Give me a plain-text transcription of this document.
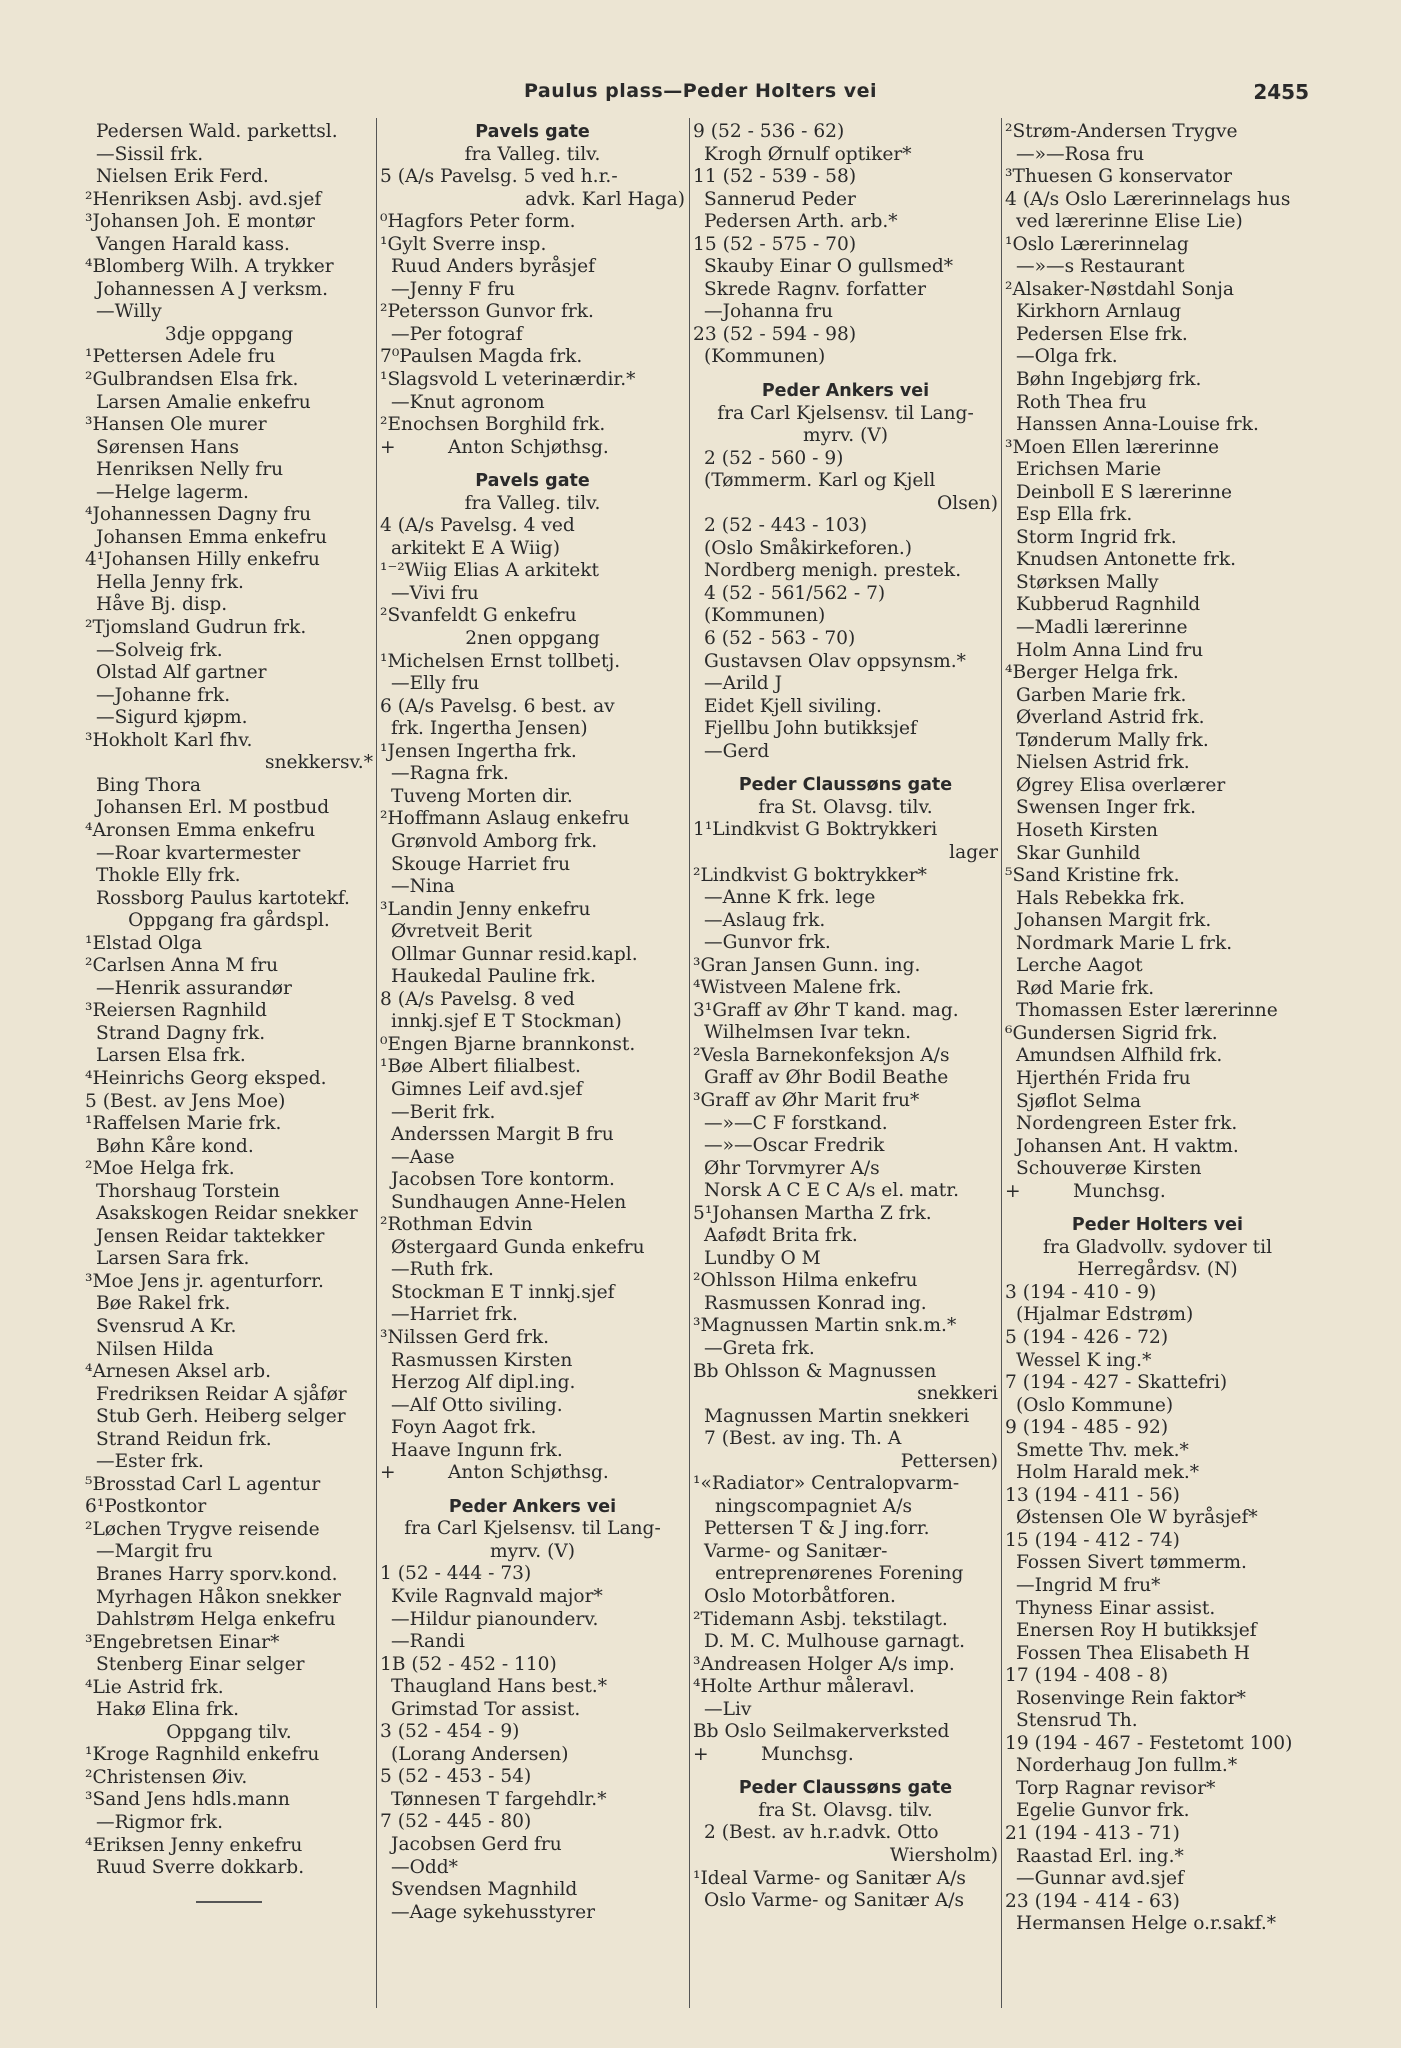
Paulus plass—Peder Holters vei	2455
Pedersen Wald. parkettsl.
—Sissil frk.
Nielsen Erik Ferd.
²Henriksen Asbj. avd.sjef
³Johansen Joh. E montør
Vangen Harald kass.
⁴Blomberg Wilh. A trykker
Johannessen A J verksm.
—Willy
3dje oppgang
¹Pettersen Adele fru
²Gulbrandsen Elsa frk.
Larsen Amalie enkefru
³Hansen Ole murer
Sørensen Hans
Henriksen Nelly fru
—Helge lagerm.
⁴Johannessen Dagny fru
Johansen Emma enkefru
4¹Johansen Hilly enkefru
Hella Jenny frk.
Håve Bj. disp.
²Tjomsland Gudrun frk.
—Solveig frk.
Olstad Alf gartner
—Johanne frk.
—Sigurd kjøpm.
³Hokholt Karl fhv.
snekkersv.*
Bing Thora
Johansen Erl. M postbud
⁴Aronsen Emma enkefru
—Roar kvartermester
Thokle Elly frk.
Rossborg Paulus kartotekf.
Oppgang fra gårdspl.
¹Elstad Olga
²Carlsen Anna M fru
—Henrik assurandør
³Reiersen Ragnhild
Strand Dagny frk.
Larsen Elsa frk.
⁴Heinrichs Georg eksped.
5 (Best. av Jens Moe)
¹Raffelsen Marie frk.
Bøhn Kåre kond.
²Moe Helga frk.
Thorshaug Torstein
Asakskogen Reidar snekker
Jensen Reidar taktekker
Larsen Sara frk.
³Moe Jens jr. agenturforr.
Bøe Rakel frk.
Svensrud A Kr.
Nilsen Hilda
⁴Arnesen Aksel arb.
Fredriksen Reidar A sjåfør
Stub Gerh. Heiberg selger
Strand Reidun frk.
—Ester frk.
⁵Brosstad Carl L agentur
6¹Postkontor
²Løchen Trygve reisende
—Margit fru
Branes Harry sporv.kond.
Myrhagen Håkon snekker
Dahlstrøm Helga enkefru
³Engebretsen Einar*
Stenberg Einar selger
⁴Lie Astrid frk.
Hakø Elina frk.
Oppgang tilv.
¹Kroge Ragnhild enkefru
²Christensen Øiv.
³Sand Jens hdls.mann
—Rigmor frk.
⁴Eriksen Jenny enkefru
Ruud Sverre dokkarb.
Pavels gate
fra Valleg. tilv.
5 (A/s Pavelsg. 5 ved h.r.-
advk. Karl Haga)
⁰Hagfors Peter form.
¹Gylt Sverre insp.
Ruud Anders byråsjef
—Jenny F fru
²Petersson Gunvor frk.
—Per fotograf
7⁰Paulsen Magda frk.
¹Slagsvold L veterinærdir.*
—Knut agronom
²Enochsen Borghild frk.
+	Anton Schjøthsg.
Pavels gate
fra Valleg. tilv.
4 (A/s Pavelsg. 4 ved
arkitekt E A Wiig)
¹⁻²Wiig Elias A arkitekt
—Vivi fru
²Svanfeldt G enkefru
2nen oppgang
¹Michelsen Ernst tollbetj.
—Elly fru
6 (A/s Pavelsg. 6 best. av
frk. Ingertha Jensen)
¹Jensen Ingertha frk.
—Ragna frk.
Tuveng Morten dir.
²Hoffmann Aslaug enkefru
Grønvold Amborg frk.
Skouge Harriet fru
—Nina
³Landin Jenny enkefru
Øvretveit Berit
Ollmar Gunnar resid.kapl.
Haukedal Pauline frk.
8 (A/s Pavelsg. 8 ved
innkj.sjef E T Stockman)
⁰Engen Bjarne brannkonst.
¹Bøe Albert filialbest.
Gimnes Leif avd.sjef
—Berit frk.
Anderssen Margit B fru
—Aase
Jacobsen Tore kontorm.
Sundhaugen Anne-Helen
²Rothman Edvin
Østergaard Gunda enkefru
—Ruth frk.
Stockman E T innkj.sjef
—Harriet frk.
³Nilssen Gerd frk.
Rasmussen Kirsten
Herzog Alf dipl.ing.
—Alf Otto siviling.
Foyn Aagot frk.
Haave Ingunn frk.
+	Anton Schjøthsg.
Peder Ankers vei
fra Carl Kjelsensv. til Lang-
myrv. (V)
1 (52 - 444 - 73)
Kvile Ragnvald major*
—Hildur pianounderv.
—Randi
1B (52 - 452 - 110)
Thaugland Hans best.*
Grimstad Tor assist.
3 (52 - 454 - 9)
(Lorang Andersen)
5 (52 - 453 - 54)
Tønnesen T fargehdlr.*
7 (52 - 445 - 80)
Jacobsen Gerd fru
—Odd*
Svendsen Magnhild
—Aage sykehusstyrer
9 (52 - 536 - 62)
Krogh Ørnulf optiker*
11 (52 - 539 - 58)
Sannerud Peder
Pedersen Arth. arb.*
15 (52 - 575 - 70)
Skauby Einar O gullsmed*
Skrede Ragnv. forfatter
—Johanna fru
23 (52 - 594 - 98)
(Kommunen)
Peder Ankers vei
fra Carl Kjelsensv. til Lang-
myrv. (V)
2 (52 - 560 - 9)
(Tømmerm. Karl og Kjell
Olsen)
2 (52 - 443 - 103)
(Oslo Småkirkeforen.)
Nordberg menigh. prestek.
4 (52 - 561/562 - 7)
(Kommunen)
6 (52 - 563 - 70)
Gustavsen Olav oppsynsm.*
—Arild J
Eidet Kjell siviling.
Fjellbu John butikksjef
—Gerd
Peder Claussøns gate
fra St. Olavsg. tilv.
1¹Lindkvist G Boktrykkeri
lager
²Lindkvist G boktrykker*
—Anne K frk. lege
—Aslaug frk.
—Gunvor frk.
³Gran Jansen Gunn. ing.
⁴Wistveen Malene frk.
3¹Graff av Øhr T kand. mag.
Wilhelmsen Ivar tekn.
²Vesla Barnekonfeksjon A/s
Graff av Øhr Bodil Beathe
³Graff av Øhr Marit fru*
—»—C F forstkand.
—»—Oscar Fredrik
Øhr Torvmyrer A/s
Norsk A C E C A/s el. matr.
5¹Johansen Martha Z frk.
Aafødt Brita frk.
Lundby O M
²Ohlsson Hilma enkefru
Rasmussen Konrad ing.
³Magnussen Martin snk.m.*
—Greta frk.
Bb Ohlsson & Magnussen
snekkeri
Magnussen Martin snekkeri
7 (Best. av ing. Th. A
Pettersen)
¹«Radiator» Centralopvarm-
ningscompagniet A/s
Pettersen T & J ing.forr.
Varme- og Sanitær-
entreprenørenes Forening
Oslo Motorbåtforen.
²Tidemann Asbj. tekstilagt.
D. M. C. Mulhouse garnagt.
³Andreasen Holger A/s imp.
⁴Holte Arthur måleravl.
—Liv
Bb Oslo Seilmakerverksted
+	Munchsg.
Peder Claussøns gate
fra St. Olavsg. tilv.
2 (Best. av h.r.advk. Otto
Wiersholm)
¹Ideal Varme- og Sanitær A/s
Oslo Varme- og Sanitær A/s
²Strøm-Andersen Trygve
—»—Rosa fru
³Thuesen G konservator
4 (A/s Oslo Lærerinnelags hus
ved lærerinne Elise Lie)
¹Oslo Lærerinnelag
—»—s Restaurant
²Alsaker-Nøstdahl Sonja
Kirkhorn Arnlaug
Pedersen Else frk.
—Olga frk.
Bøhn Ingebjørg frk.
Roth Thea fru
Hanssen Anna-Louise frk.
³Moen Ellen lærerinne
Erichsen Marie
Deinboll E S lærerinne
Esp Ella frk.
Storm Ingrid frk.
Knudsen Antonette frk.
Størksen Mally
Kubberud Ragnhild
—Madli lærerinne
Holm Anna Lind fru
⁴Berger Helga frk.
Garben Marie frk.
Øverland Astrid frk.
Tønderum Mally frk.
Nielsen Astrid frk.
Øgrey Elisa overlærer
Swensen Inger frk.
Hoseth Kirsten
Skar Gunhild
⁵Sand Kristine frk.
Hals Rebekka frk.
Johansen Margit frk.
Nordmark Marie L frk.
Lerche Aagot
Rød Marie frk.
Thomassen Ester lærerinne
⁶Gundersen Sigrid frk.
Amundsen Alfhild frk.
Hjerthén Frida fru
Sjøflot Selma
Nordengreen Ester frk.
Johansen Ant. H vaktm.
Schouverøe Kirsten
+	Munchsg.
Peder Holters vei
fra Gladvollv. sydover til
Herregårdsv. (N)
3 (194 - 410 - 9)
(Hjalmar Edstrøm)
5 (194 - 426 - 72)
Wessel K ing.*
7 (194 - 427 - Skattefri)
(Oslo Kommune)
9 (194 - 485 - 92)
Smette Thv. mek.*
Holm Harald mek.*
13 (194 - 411 - 56)
Østensen Ole W byråsjef*
15 (194 - 412 - 74)
Fossen Sivert tømmerm.
—Ingrid M fru*
Thyness Einar assist.
Enersen Roy H butikksjef
Fossen Thea Elisabeth H
17 (194 - 408 - 8)
Rosenvinge Rein faktor*
Stensrud Th.
19 (194 - 467 - Festetomt 100)
Norderhaug Jon fullm.*
Torp Ragnar revisor*
Egelie Gunvor frk.
21 (194 - 413 - 71)
Raastad Erl. ing.*
—Gunnar avd.sjef
23 (194 - 414 - 63)
Hermansen Helge o.r.sakf.*
